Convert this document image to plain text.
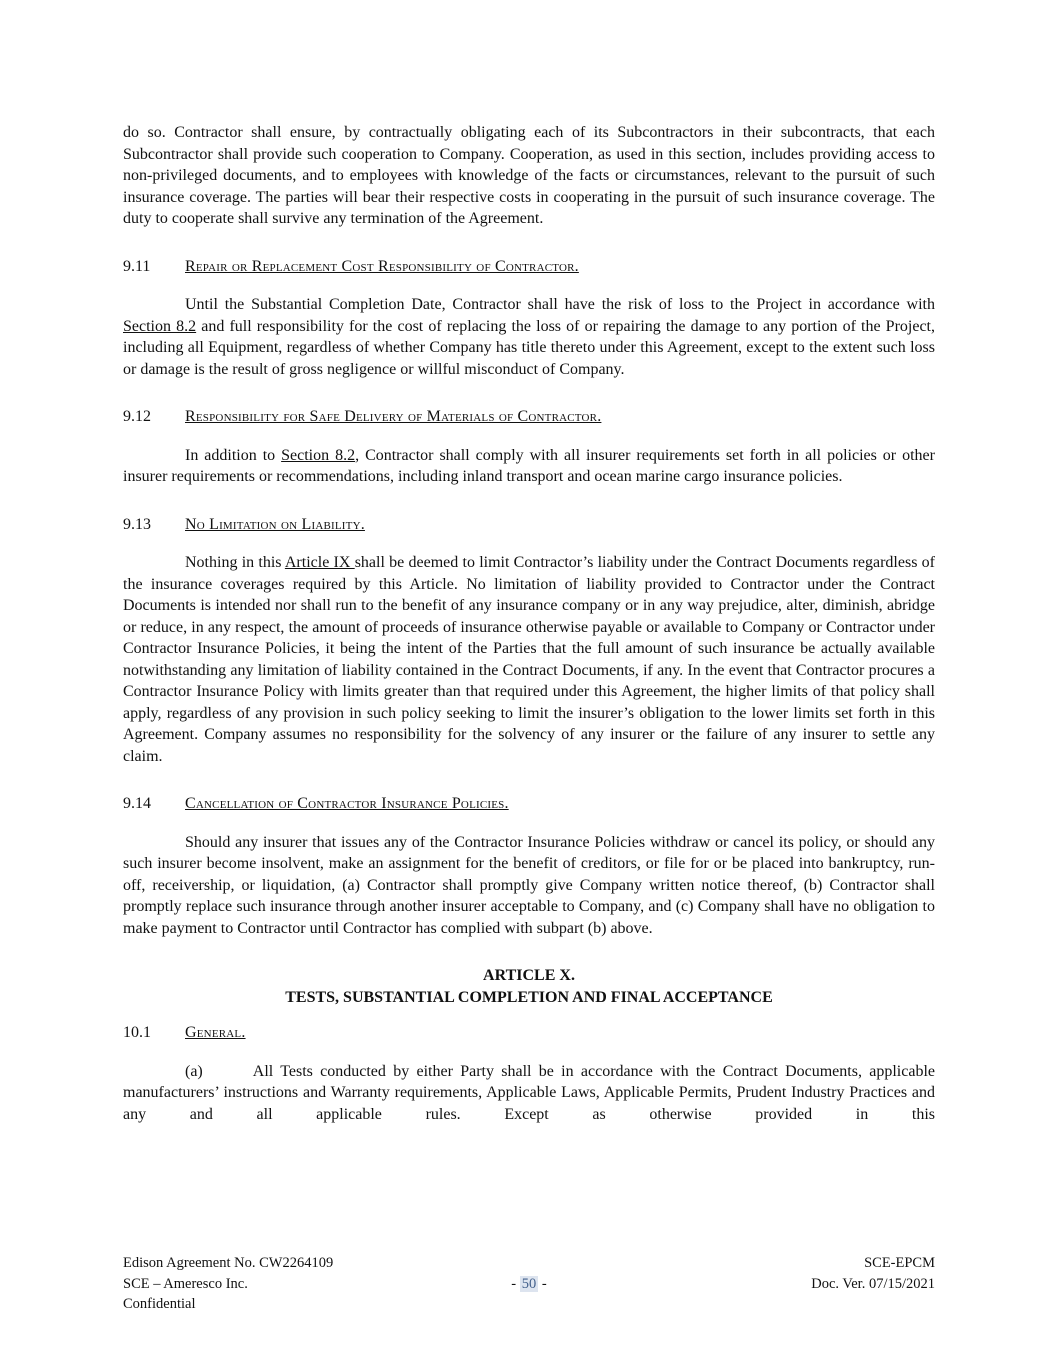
do so. Contractor shall ensure, by contractually obligating each of its Subcontractors in their subcontracts, that each Subcontractor shall provide such cooperation to Company. Cooperation, as used in this section, includes providing access to non-privileged documents, and to employees with knowledge of the facts or circumstances, relevant to the pursuit of such insurance coverage. The parties will bear their respective costs in cooperating in the pursuit of such insurance coverage. The duty to cooperate shall survive any termination of the Agreement.

9.11 Repair or Replacement Cost Responsibility of Contractor.

Until the Substantial Completion Date, Contractor shall have the risk of loss to the Project in accordance with Section 8.2 and full responsibility for the cost of replacing the loss of or repairing the damage to any portion of the Project, including all Equipment, regardless of whether Company has title thereto under this Agreement, except to the extent such loss or damage is the result of gross negligence or willful misconduct of Company.

9.12 Responsibility for Safe Delivery of Materials of Contractor.

In addition to Section 8.2, Contractor shall comply with all insurer requirements set forth in all policies or other insurer requirements or recommendations, including inland transport and ocean marine cargo insurance policies.

9.13 No Limitation on Liability.

Nothing in this Article IX shall be deemed to limit Contractor’s liability under the Contract Documents regardless of the insurance coverages required by this Article. No limitation of liability provided to Contractor under the Contract Documents is intended nor shall run to the benefit of any insurance company or in any way prejudice, alter, diminish, abridge or reduce, in any respect, the amount of proceeds of insurance otherwise payable or available to Company or Contractor under Contractor Insurance Policies, it being the intent of the Parties that the full amount of such insurance be actually available notwithstanding any limitation of liability contained in the Contract Documents, if any. In the event that Contractor procures a Contractor Insurance Policy with limits greater than that required under this Agreement, the higher limits of that policy shall apply, regardless of any provision in such policy seeking to limit the insurer’s obligation to the lower limits set forth in this Agreement. Company assumes no responsibility for the solvency of any insurer or the failure of any insurer to settle any claim.

9.14 Cancellation of Contractor Insurance Policies.

Should any insurer that issues any of the Contractor Insurance Policies withdraw or cancel its policy, or should any such insurer become insolvent, make an assignment for the benefit of creditors, or file for or be placed into bankruptcy, run-off, receivership, or liquidation, (a) Contractor shall promptly give Company written notice thereof, (b) Contractor shall promptly replace such insurance through another insurer acceptable to Company, and (c) Company shall have no obligation to make payment to Contractor until Contractor has complied with subpart (b) above.

ARTICLE X.
TESTS, SUBSTANTIAL COMPLETION AND FINAL ACCEPTANCE
10.1 General.

(a)	All Tests conducted by either Party shall be in accordance with the Contract Documents, applicable manufacturers’ instructions and Warranty requirements, Applicable Laws, Applicable Permits, Prudent Industry Practices and any and all applicable rules. Except as otherwise provided in this

Edison Agreement No. CW2264109
SCE – Ameresco Inc.
Confidential
- 50 -
SCE-EPCM
Doc. Ver. 07/15/2021
